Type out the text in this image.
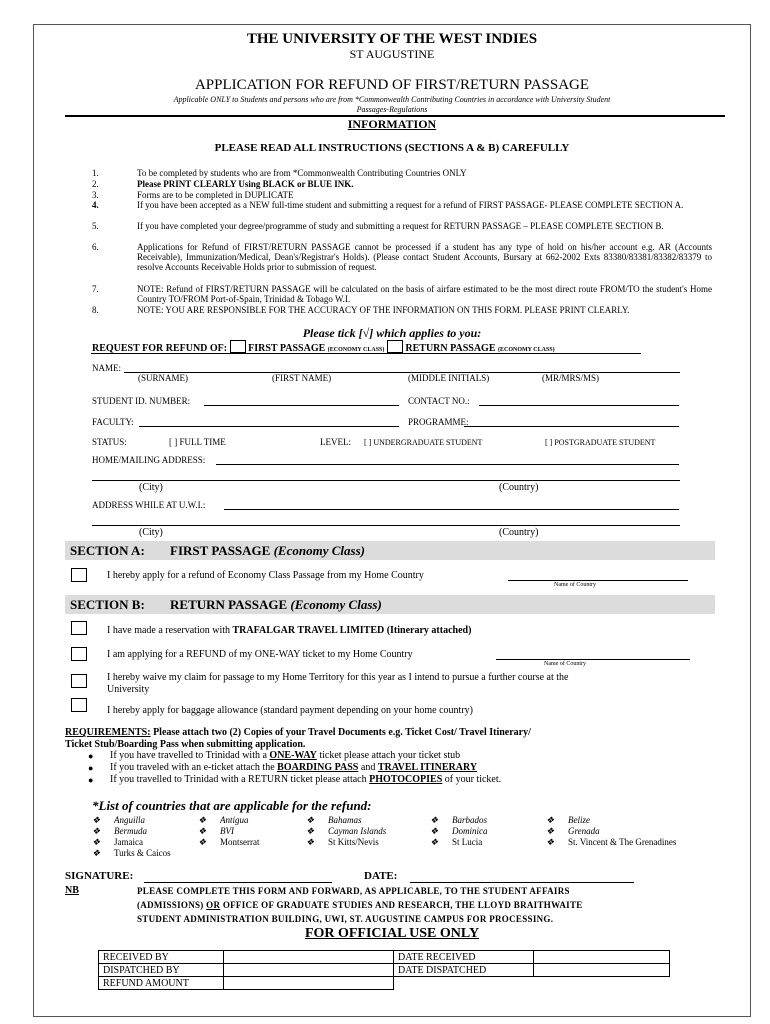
THE UNIVERSITY OF THE WEST INDIES
ST AUGUSTINE
APPLICATION FOR REFUND OF FIRST/RETURN PASSAGE
Applicable ONLY to Students and persons who are from *Commonwealth Contributing Countries in accordance with University Student
Passages-Regulations
INFORMATION
PLEASE READ ALL INSTRUCTIONS (SECTIONS A & B) CAREFULLY
1.	To be completed by students who are from *Commonwealth Contributing Countries ONLY
2.	Please PRINT CLEARLY Using BLACK or BLUE INK.
3.	Forms are to be completed in DUPLICATE
4.	If you have been accepted as a NEW full-time student and submitting a request for a refund of FIRST PASSAGE- PLEASE COMPLETE SECTION A.
5.	If you have completed your degree/programme of study and submitting a request for RETURN PASSAGE – PLEASE COMPLETE SECTION B.
6.	Applications for Refund of FIRST/RETURN PASSAGE cannot be processed if a student has any type of hold on his/her account e.g. AR (Accounts Receivable), Immunization/Medical, Dean's/Registrar's Holds). (Please contact Student Accounts, Bursary at 662-2002 Exts 83380/83381/83382/83379 to resolve Accounts Receivable Holds prior to submission of request.
7.	NOTE: Refund of FIRST/RETURN PASSAGE will be calculated on the basis of airfare estimated to be the most direct route FROM/TO the student's Home Country TO/FROM Port-of-Spain, Trinidad & Tobago W.I.
8.	NOTE: YOU ARE RESPONSIBLE FOR THE ACCURACY OF THE INFORMATION ON THIS FORM. PLEASE PRINT CLEARLY.
Please tick [√] which applies to you:
REQUEST FOR REFUND OF: FIRST PASSAGE (ECONOMY CLASS) RETURN PASSAGE (ECONOMY CLASS)
NAME:
(SURNAME)	(FIRST NAME)	(MIDDLE INITIALS)	(MR/MRS/MS)
STUDENT ID. NUMBER:	CONTACT NO.:
FACULTY:	PROGRAMME:
STATUS:	[ ] FULL TIME	LEVEL: [ ] UNDERGRADUATE STUDENT	[ ] POSTGRADUATE STUDENT
HOME/MAILING ADDRESS:
(City)	(Country)
ADDRESS WHILE AT U.W.I.:
(City)	(Country)
SECTION A: FIRST PASSAGE (Economy Class)
I hereby apply for a refund of Economy Class Passage from my Home Country
Name of Country
SECTION B: RETURN PASSAGE (Economy Class)
I have made a reservation with TRAFALGAR TRAVEL LIMITED (Itinerary attached)
I am applying for a REFUND of my ONE-WAY ticket to my Home Country
Name of Country
I hereby waive my claim for passage to my Home Territory for this year as I intend to pursue a further course at the
University
I hereby apply for baggage allowance (standard payment depending on your home country)
REQUIREMENTS: Please attach two (2) Copies of your Travel Documents e.g. Ticket Cost/ Travel Itinerary/
Ticket Stub/Boarding Pass when submitting application.
● If you have travelled to Trinidad with a ONE-WAY ticket please attach your ticket stub
● If you traveled with an e-ticket attach the BOARDING PASS and TRAVEL ITINERARY
● If you travelled to Trinidad with a RETURN ticket please attach PHOTOCOPIES of your ticket.
*List of countries that are applicable for the refund:
❖ Anguilla
❖ Bermuda
❖ Jamaica
❖ Turks & Caicos
❖ Antigua
❖ BVI
❖ Montserrat
❖ Bahamas
❖ Cayman Islands
❖ St Kitts/Nevis
❖ Barbados
❖ Dominica
❖ St Lucia
❖ Belize
❖ Grenada
❖ St. Vincent & The Grenadines
SIGNATURE:	DATE:
NB	PLEASE COMPLETE THIS FORM AND FORWARD, AS APPLICABLE, TO THE STUDENT AFFAIRS
(ADMISSIONS) OR OFFICE OF GRADUATE STUDIES AND RESEARCH, THE LLOYD BRAITHWAITE
STUDENT ADMINISTRATION BUILDING, UWI, ST. AUGUSTINE CAMPUS FOR PROCESSING.
FOR OFFICIAL USE ONLY
RECEIVED BY		DATE RECEIVED	
DISPATCHED BY		DATE DISPATCHED	
REFUND AMOUNT			
